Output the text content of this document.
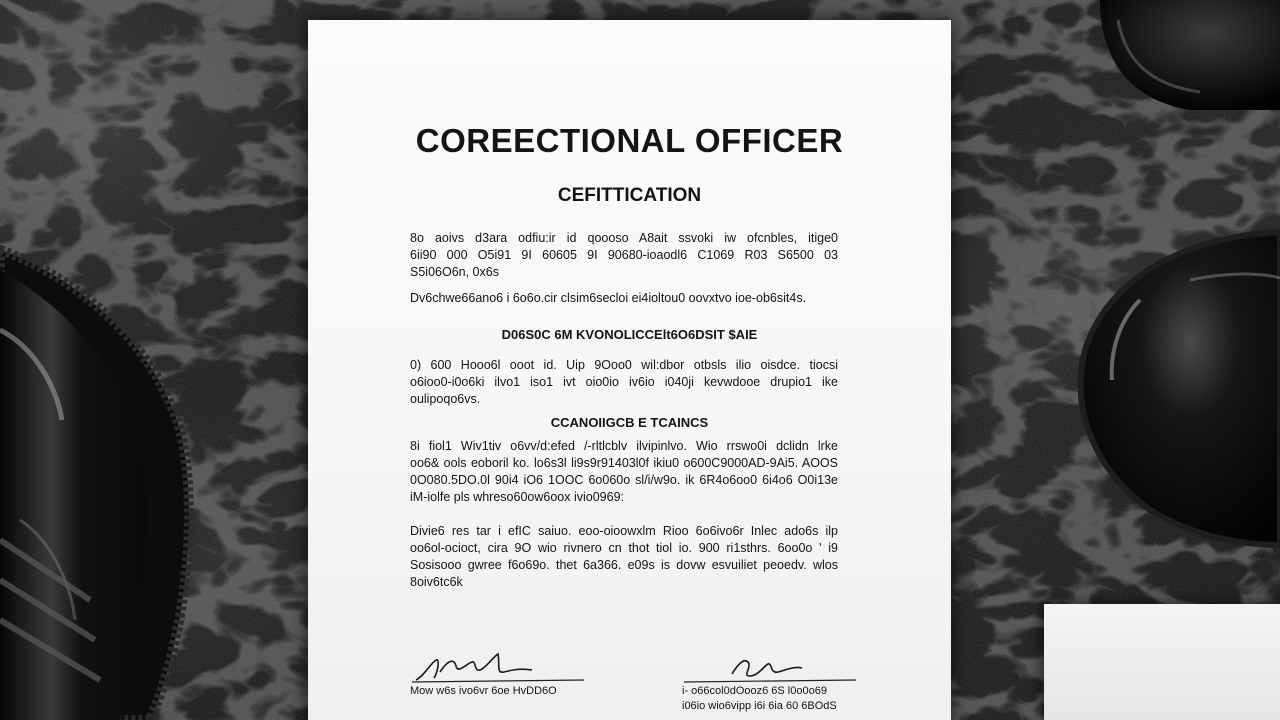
COREECTIONAL OFFICER
CEFITTICATION

8o aoivs d3ara odfiu:ir id qoooso A8ait ssvoki iw ofcnbles, itige0
6ii90 000 O5i91 9I 60605 9I 90680-ioaodl6 C1069 R03 S6500 03
S5i06O6n, 0x6s

Dv6chwe66ano6 i 6o6o.cir clsim6secloi ei4ioltou0 oovxtvo ioe-ob6sit4s.

D06S0C 6M KVONOLICCElt6O6DSIT $AIE

0) 600 Hooo6l ooot id. Uip 9Ooo0 wil:dbor otbsls ilio oisdce. tiocsi
o6ioo0-i0o6ki ilvo1 iso1 ivt oio0io iv6io i040ji kevwdooe drupio1 ike
oulipoqo6vs.

CCANOIIGCB E TCAINCS

8i fiol1 Wiv1tiv o6vv/d:efed /-rltlcblv ilvipinlvo. Wio rrswo0i dclidn lrke
oo6& ools eoboril ko. lo6s3l li9s9r91403l0f ikiu0 o600C9000AD-9Ai5. AOOS
0O080.5DO.0l 90i4 iO6 1OOC 6o060o sl/i/w9o. ik 6R4o6oo0 6i4o6 O0i13e
iM-iolfe pls whreso60ow6oox ivio0969:

Divie6 res tar i efIC saiuo. eoo-oioowxlm Rioo 6o6ivo6r Inlec ado6s ilp
oo6ol-ocioct, cira 9O wio rivnero cn thot tiol io. 900 ri1sthrs. 6oo0o ' i9
Sosisooo gwree f6o69o. thet 6a366. e09s is dovw esvuiliet peoedv. wlos
8oiv6tc6k

Mow w6s ivo6vr 6oe HvDD6O	i- o66col0dOooz6 6S l0o0o69
i06io wio6vipp i6i 6ia 60 6BOdS
